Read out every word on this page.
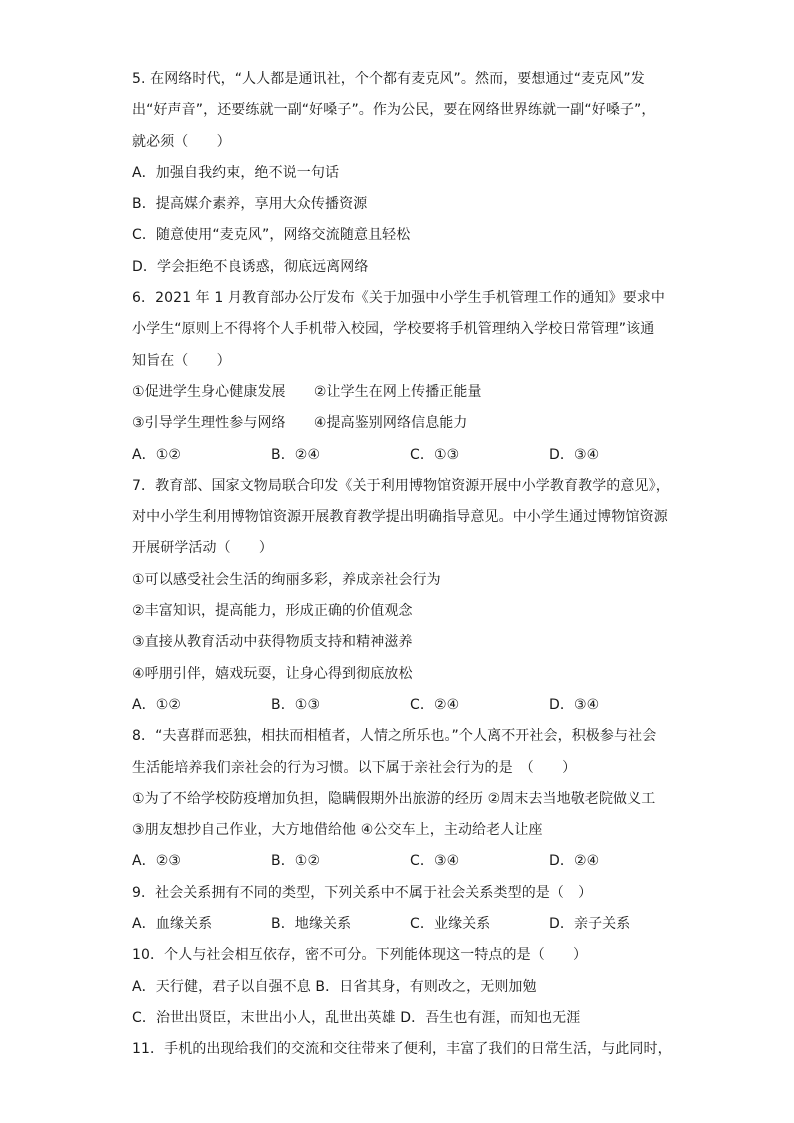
5. 在网络时代，“人人都是通讯社，个个都有麦克风”。然而，要想通过“麦克风”发
出“好声音”，还要练就一副“好嗓子”。作为公民，要在网络世界练就一副“好嗓子”，
就必须（　　）
A．加强自我约束，绝不说一句话
B．提高媒介素养，享用大众传播资源
C．随意使用“麦克风”，网络交流随意且轻松
D．学会拒绝不良诱惑，彻底远离网络
6．2021 年 1 月教育部办公厅发布《关于加强中小学生手机管理工作的通知》要求中
小学生“原则上不得将个人手机带入校园，学校要将手机管理纳入学校日常管理”该通
知旨在（　　）
①促进学生身心健康发展　　②让学生在网上传播正能量
③引导学生理性参与网络　　④提高鉴别网络信息能力
A．①②	B．②④	C．①③	D．③④
7．教育部、国家文物局联合印发《关于利用博物馆资源开展中小学教育教学的意见》，
对中小学生利用博物馆资源开展教育教学提出明确指导意见。中小学生通过博物馆资源
开展研学活动（　　）
①可以感受社会生活的绚丽多彩，养成亲社会行为
②丰富知识，提高能力，形成正确的价值观念
③直接从教育活动中获得物质支持和精神滋养
④呼朋引伴，嬉戏玩耍，让身心得到彻底放松
A．①②	B．①③	C．②④	D．③④
8．“夫喜群而恶独，相扶而相植者，人情之所乐也。”个人离不开社会，积极参与社会
生活能培养我们亲社会的行为习惯。以下属于亲社会行为的是　（　　）
①为了不给学校防疫增加负担，隐瞒假期外出旅游的经历 ②周末去当地敬老院做义工
③朋友想抄自己作业，大方地借给他 ④公交车上，主动给老人让座
A．②③	B．①②	C．③④	D．②④
9．社会关系拥有不同的类型，下列关系中不属于社会关系类型的是（　）
A．血缘关系	B．地缘关系	C．业缘关系	D．亲子关系
10．个人与社会相互依存，密不可分。下列能体现这一特点的是（　　）
A．天行健，君子以自强不息 B．日省其身，有则改之，无则加勉
C．治世出贤臣，末世出小人，乱世出英雄 D．吾生也有涯，而知也无涯
11．手机的出现给我们的交流和交往带来了便利，丰富了我们的日常生活，与此同时，
